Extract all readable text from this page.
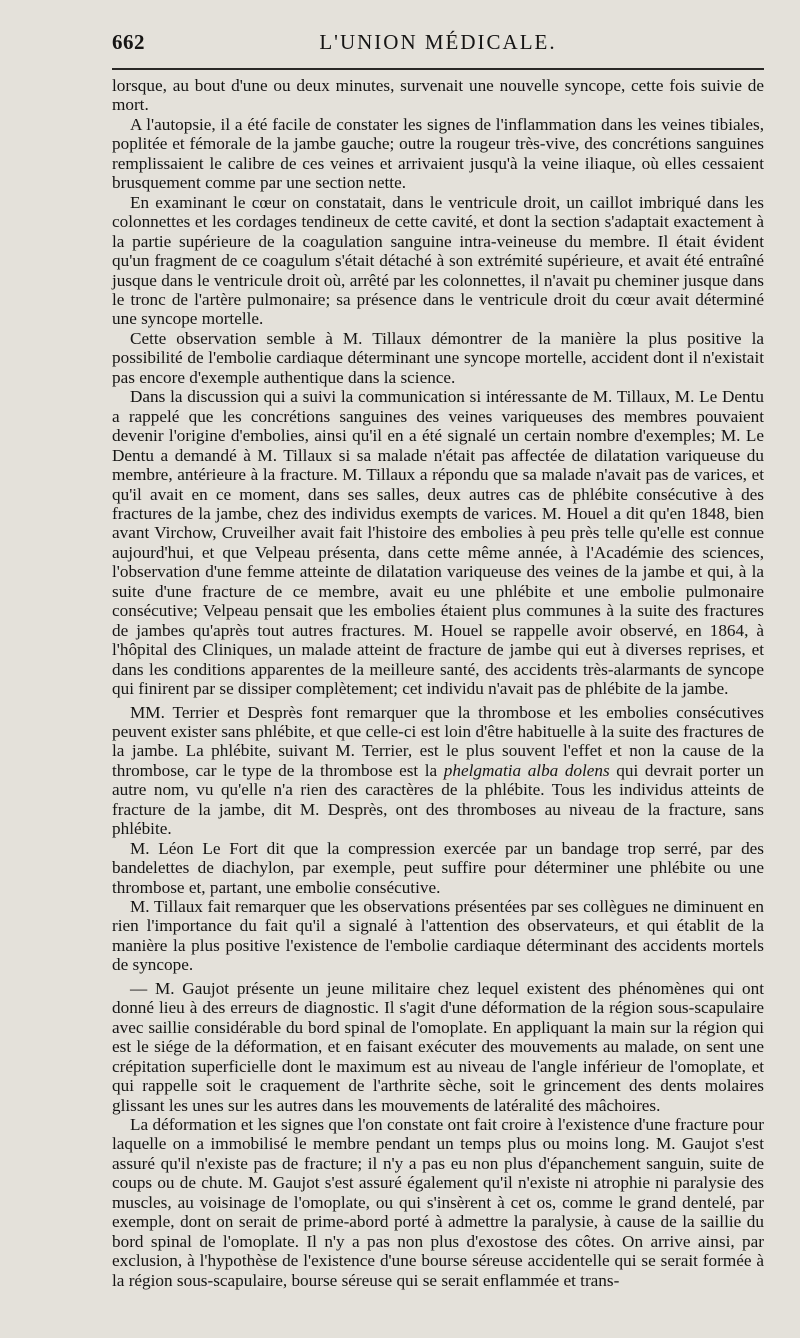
662	L'UNION MÉDICALE.

lorsque, au bout d'une ou deux minutes, survenait une nouvelle syncope, cette fois suivie de mort.

A l'autopsie, il a été facile de constater les signes de l'inflammation dans les veines tibiales, poplitée et fémorale de la jambe gauche; outre la rougeur très-vive, des concrétions sanguines remplissaient le calibre de ces veines et arrivaient jusqu'à la veine iliaque, où elles cessaient brusquement comme par une section nette.

En examinant le cœur on constatait, dans le ventricule droit, un caillot imbriqué dans les colonnettes et les cordages tendineux de cette cavité, et dont la section s'adaptait exactement à la partie supérieure de la coagulation sanguine intra-veineuse du membre. Il était évident qu'un fragment de ce coagulum s'était détaché à son extrémité supérieure, et avait été entraîné jusque dans le ventricule droit où, arrêté par les colonnettes, il n'avait pu cheminer jusque dans le tronc de l'artère pulmonaire; sa présence dans le ventricule droit du cœur avait déterminé une syncope mortelle.

Cette observation semble à M. Tillaux démontrer de la manière la plus positive la possibilité de l'embolie cardiaque déterminant une syncope mortelle, accident dont il n'existait pas encore d'exemple authentique dans la science.

Dans la discussion qui a suivi la communication si intéressante de M. Tillaux, M. Le Dentu a rappelé que les concrétions sanguines des veines variqueuses des membres pouvaient devenir l'origine d'embolies, ainsi qu'il en a été signalé un certain nombre d'exemples; M. Le Dentu a demandé à M. Tillaux si sa malade n'était pas affectée de dilatation variqueuse du membre, antérieure à la fracture. M. Tillaux a répondu que sa malade n'avait pas de varices, et qu'il avait en ce moment, dans ses salles, deux autres cas de phlébite consécutive à des fractures de la jambe, chez des individus exempts de varices. M. Houel a dit qu'en 1848, bien avant Virchow, Cruveilher avait fait l'histoire des embolies à peu près telle qu'elle est connue aujourd'hui, et que Velpeau présenta, dans cette même année, à l'Académie des sciences, l'observation d'une femme atteinte de dilatation variqueuse des veines de la jambe et qui, à la suite d'une fracture de ce membre, avait eu une phlébite et une embolie pulmonaire consécutive; Velpeau pensait que les embolies étaient plus communes à la suite des fractures de jambes qu'après tout autres fractures. M. Houel se rappelle avoir observé, en 1864, à l'hôpital des Cliniques, un malade atteint de fracture de jambe qui eut à diverses reprises, et dans les conditions apparentes de la meilleure santé, des accidents très-alarmants de syncope qui finirent par se dissiper complètement; cet individu n'avait pas de phlébite de la jambe.

MM. Terrier et Desprès font remarquer que la thrombose et les embolies consécutives peuvent exister sans phlébite, et que celle-ci est loin d'être habituelle à la suite des fractures de la jambe. La phlébite, suivant M. Terrier, est le plus souvent l'effet et non la cause de la thrombose, car le type de la thrombose est la phelgmatia alba dolens qui devrait porter un autre nom, vu qu'elle n'a rien des caractères de la phlébite. Tous les individus atteints de fracture de la jambe, dit M. Desprès, ont des thromboses au niveau de la fracture, sans phlébite.

M. Léon Le Fort dit que la compression exercée par un bandage trop serré, par des bandelettes de diachylon, par exemple, peut suffire pour déterminer une phlébite ou une thrombose et, partant, une embolie consécutive.

M. Tillaux fait remarquer que les observations présentées par ses collègues ne diminuent en rien l'importance du fait qu'il a signalé à l'attention des observateurs, et qui établit de la manière la plus positive l'existence de l'embolie cardiaque déterminant des accidents mortels de syncope.

— M. Gaujot présente un jeune militaire chez lequel existent des phénomènes qui ont donné lieu à des erreurs de diagnostic. Il s'agit d'une déformation de la région sous-scapulaire avec saillie considérable du bord spinal de l'omoplate. En appliquant la main sur la région qui est le siége de la déformation, et en faisant exécuter des mouvements au malade, on sent une crépitation superficielle dont le maximum est au niveau de l'angle inférieur de l'omoplate, et qui rappelle soit le craquement de l'arthrite sèche, soit le grincement des dents molaires glissant les unes sur les autres dans les mouvements de latéralité des mâchoires.

La déformation et les signes que l'on constate ont fait croire à l'existence d'une fracture pour laquelle on a immobilisé le membre pendant un temps plus ou moins long. M. Gaujot s'est assuré qu'il n'existe pas de fracture; il n'y a pas eu non plus d'épanchement sanguin, suite de coups ou de chute. M. Gaujot s'est assuré également qu'il n'existe ni atrophie ni paralysie des muscles, au voisinage de l'omoplate, ou qui s'insèrent à cet os, comme le grand dentelé, par exemple, dont on serait de prime-abord porté à admettre la paralysie, à cause de la saillie du bord spinal de l'omoplate. Il n'y a pas non plus d'exostose des côtes. On arrive ainsi, par exclusion, à l'hypothèse de l'existence d'une bourse séreuse accidentelle qui se serait formée à la région sous-scapulaire, bourse séreuse qui se serait enflammée et trans-
